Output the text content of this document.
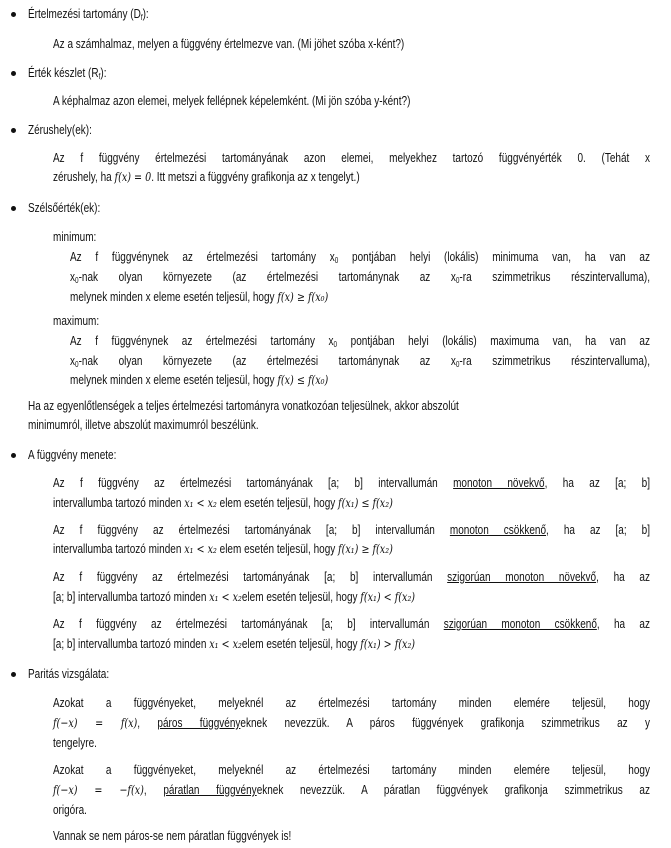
Értelmezési tartomány $(D_f)$:
Az a számhalmaz, melyen a függvény értelmezve van. (Mi jöhet szóba x-ként?)
Érték készlet $(R_f)$:
A képhalmaz azon elemei, melyek fellépnek képelemként. (Mi jön szóba y-ként?)
Zérushely(ek):
Az f függvény értelmezési tartományának azon elemei, melyekhez tartozó függvényérték 0. (Tehát x
zérushely, ha f(x) = 0. Itt metszi a függvény grafikonja az x tengelyt.)
Szélsőérték(ek):
minimum:
Az f függvénynek az értelmezési tartomány $x_0$ pontjában helyi (lokális) minimuma van, ha van az
$x_0$-nak olyan környezete (az értelmezési tartománynak az $x_0-ra$ szimmetrikus részintervalluma),
melynek minden x eleme esetén teljesül, hogy f(x) ≥ f(x₀)
maximum:
Az f függvénynek az értelmezési tartomány $x_0$ pontjában helyi (lokális) maximuma van, ha van az
$x_0$-nak olyan környezete (az értelmezési tartománynak az $x_0-ra$ szimmetrikus részintervalluma),
melynek minden x eleme esetén teljesül, hogy f(x) ≤ f(x₀)
Ha az egyenlőtlenségek a teljes értelmezési tartományra vonatkozóan teljesülnek, akkor abszolút
minimumról, illetve abszolút maximumról beszélünk.
A függvény menete:
Az f függvény az értelmezési tartományának [a; b] intervallumán monoton növekvő, ha az [a; b]
intervallumba tartozó minden x₁ < x₂ elem esetén teljesül, hogy f(x₁) ≤ f(x₂)
Az f függvény az értelmezési tartományának [a; b] intervallumán monoton csökkenő, ha az [a; b]
intervallumba tartozó minden x₁ < x₂ elem esetén teljesül, hogy f(x₁) ≥ f(x₂)
Az f függvény az értelmezési tartományának [a; b] intervallumán szigorúan monoton növekvő, ha az
[a; b] intervallumba tartozó minden x₁ < x₂elem esetén teljesül, hogy f(x₁) < f(x₂)
Az f függvény az értelmezési tartományának [a; b] intervallumán szigorúan monoton csökkenő, ha az
[a; b] intervallumba tartozó minden x₁ < x₂elem esetén teljesül, hogy f(x₁) > f(x₂)
Paritás vizsgálata:
Azokat a függvényeket, melyeknél az értelmezési tartomány minden elemére teljesül, hogy
f(−x) = f(x), páros függvényeknek nevezzük. A páros függvények grafikonja szimmetrikus az y
tengelyre.
Azokat a függvényeket, melyeknél az értelmezési tartomány minden elemére teljesül, hogy
f(−x) = −f(x), páratlan függvényeknek nevezzük. A páratlan függvények grafikonja szimmetrikus az
origóra.
Vannak se nem páros-se nem páratlan függvények is!
